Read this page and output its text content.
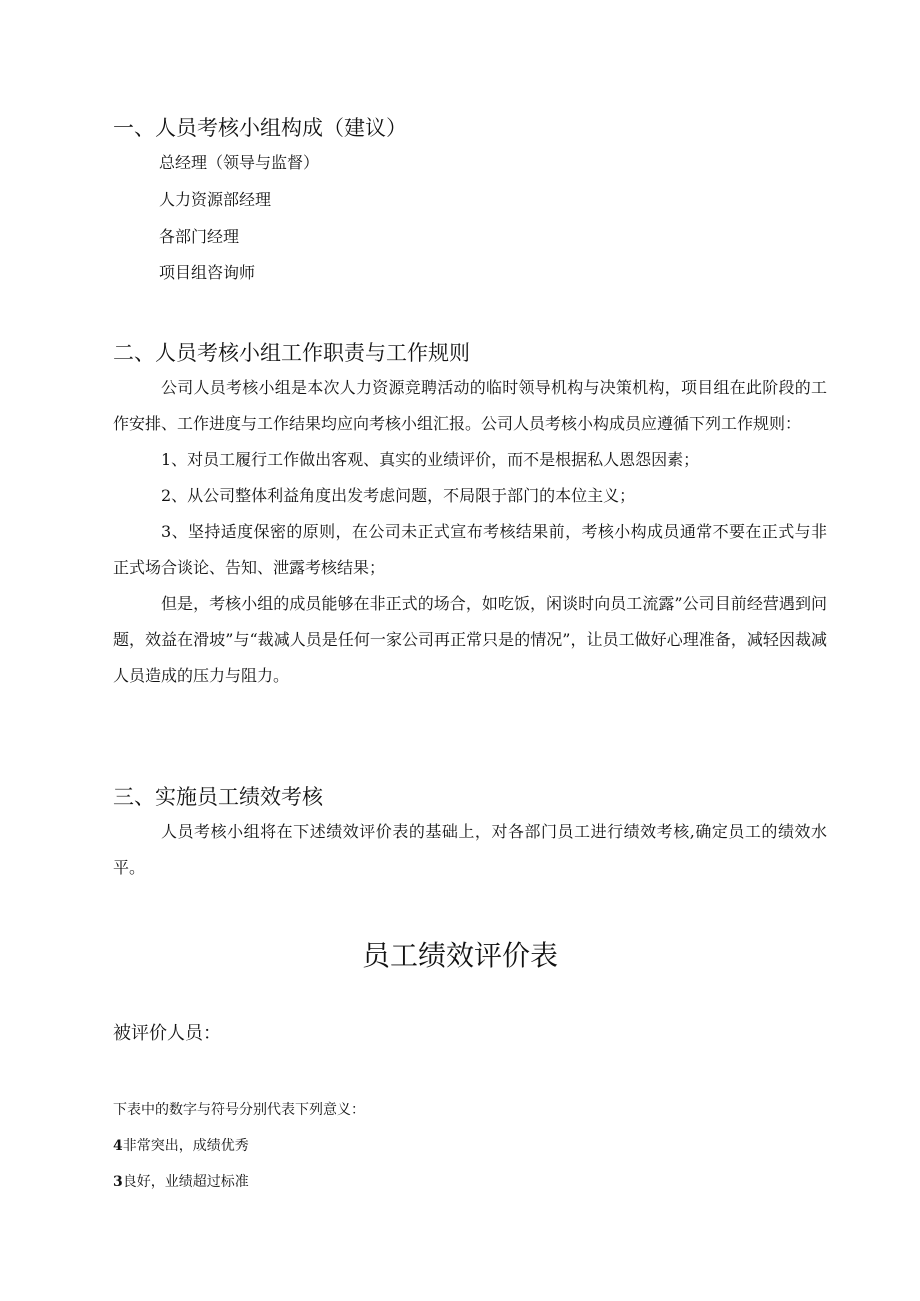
一、人员考核小组构成（建议）
总经理（领导与监督）
人力资源部经理
各部门经理
项目组咨询师
二、人员考核小组工作职责与工作规则

公司人员考核小组是本次人力资源竞聘活动的临时领导机构与决策机构，项目组在此阶段的工作安排、工作进度与工作结果均应向考核小组汇报。公司人员考核小构成员应遵循下列工作规则：

1、对员工履行工作做出客观、真实的业绩评价，而不是根据私人恩怨因素；

2、从公司整体利益角度出发考虑问题，不局限于部门的本位主义；

3、坚持适度保密的原则，在公司未正式宣布考核结果前，考核小构成员通常不要在正式与非正式场合谈论、告知、泄露考核结果；

但是，考核小组的成员能够在非正式的场合，如吃饭，闲谈时向员工流露”公司目前经营遇到问题，效益在滑坡”与“裁减人员是任何一家公司再正常只是的情况”，让员工做好心理准备，减轻因裁减人员造成的压力与阻力。

三、实施员工绩效考核

人员考核小组将在下述绩效评价表的基础上，对各部门员工进行绩效考核,确定员工的绩效水平。

员工绩效评价表
被评价人员：
下表中的数字与符号分别代表下列意义：
4非常突出，成绩优秀
3良好，业绩超过标准
